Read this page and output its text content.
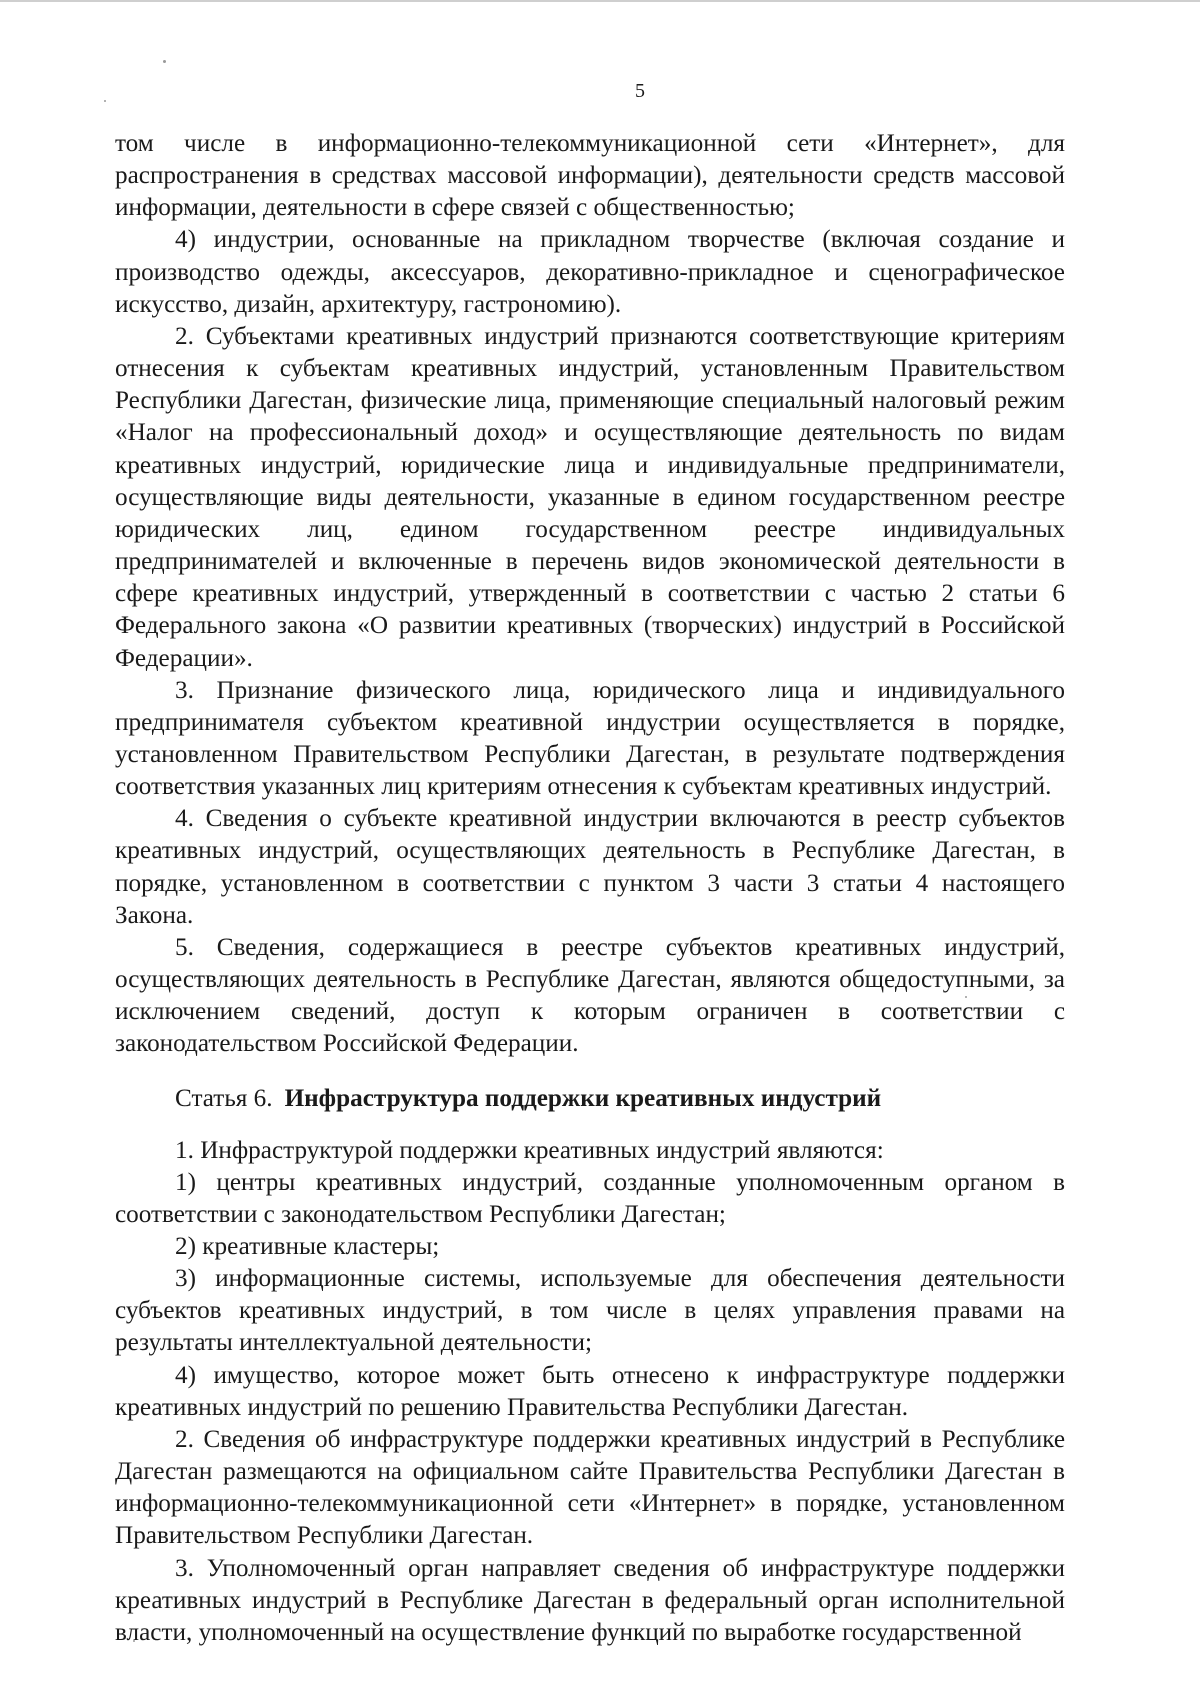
5

том числе в информационно-телекоммуникационной сети «Интернет», для распространения в средствах массовой информации), деятельности средств массовой информации, деятельности в сфере связей с общественностью;

4) индустрии, основанные на прикладном творчестве (включая создание и производство одежды, аксессуаров, декоративно-прикладное и сценографическое искусство, дизайн, архитектуру, гастрономию).

2. Субъектами креативных индустрий признаются соответствующие критериям отнесения к субъектам креативных индустрий, установленным Правительством Республики Дагестан, физические лица, применяющие специальный налоговый режим «Налог на профессиональный доход» и осуществляющие деятельность по видам креативных индустрий, юридические лица и индивидуальные предприниматели, осуществляющие виды деятельности, указанные в едином государственном реестре юридических лиц, едином государственном реестре индивидуальных предпринимателей и включенные в перечень видов экономической деятельности в сфере креативных индустрий, утвержденный в соответствии с частью 2 статьи 6 Федерального закона «О развитии креативных (творческих) индустрий в Российской Федерации».

3. Признание физического лица, юридического лица и индивидуального предпринимателя субъектом креативной индустрии осуществляется в порядке, установленном Правительством Республики Дагестан, в результате подтверждения соответствия указанных лиц критериям отнесения к субъектам креативных индустрий.

4. Сведения о субъекте креативной индустрии включаются в реестр субъектов креативных индустрий, осуществляющих деятельность в Республике Дагестан, в порядке, установленном в соответствии с пунктом 3 части 3 статьи 4 настоящего Закона.

5. Сведения, содержащиеся в реестре субъектов креативных индустрий, осуществляющих деятельность в Республике Дагестан, являются общедоступными, за исключением сведений, доступ к которым ограничен в соответствии с законодательством Российской Федерации.

Статья 6. Инфраструктура поддержки креативных индустрий

1. Инфраструктурой поддержки креативных индустрий являются:

1) центры креативных индустрий, созданные уполномоченным органом в соответствии с законодательством Республики Дагестан;

2) креативные кластеры;

3) информационные системы, используемые для обеспечения деятельности субъектов креативных индустрий, в том числе в целях управления правами на результаты интеллектуальной деятельности;

4) имущество, которое может быть отнесено к инфраструктуре поддержки креативных индустрий по решению Правительства Республики Дагестан.

2. Сведения об инфраструктуре поддержки креативных индустрий в Республике Дагестан размещаются на официальном сайте Правительства Республики Дагестан в информационно-телекоммуникационной сети «Интернет» в порядке, установленном Правительством Республики Дагестан.

3. Уполномоченный орган направляет сведения об инфраструктуре поддержки креативных индустрий в Республике Дагестан в федеральный орган исполнительной власти, уполномоченный на осуществление функций по выработке государственной
